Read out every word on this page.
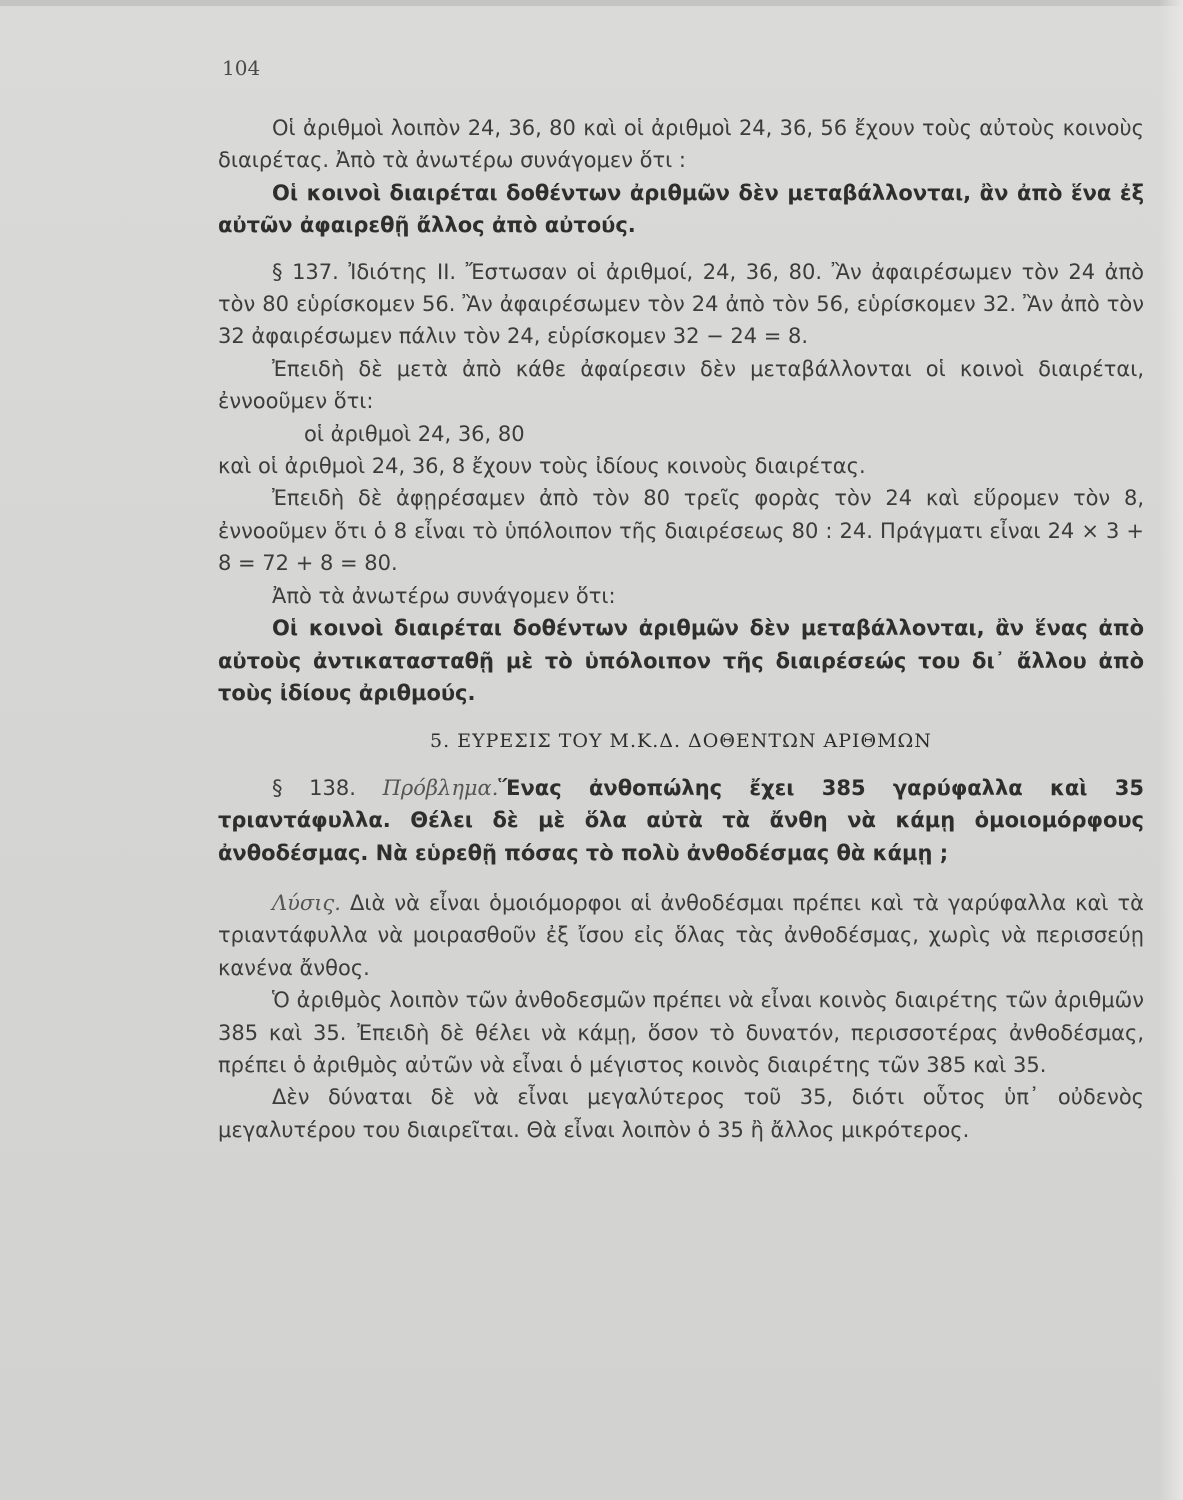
104

Οἱ ἀριθμοὶ λοιπὸν 24, 36, 80 καὶ οἱ ἀριθμοὶ 24, 36, 56 ἔχουν τοὺς αὐτοὺς κοινοὺς διαιρέτας. Ἀπὸ τὰ ἀνωτέρω συνάγομεν ὅτι :

Οἱ κοινοὶ διαιρέται δοθέντων ἀριθμῶν δὲν μεταβάλλονται, ἂν ἀπὸ ἕνα ἐξ αὐτῶν ἀφαιρεθῇ ἄλλος ἀπὸ αὐτούς.

§ 137. Ἰδιότης ΙΙ. Ἔστωσαν οἱ ἀριθμοί, 24, 36, 80. Ἂν ἀφαιρέσωμεν τὸν 24 ἀπὸ τὸν 80 εὑρίσκομεν 56. Ἂν ἀφαιρέσωμεν τὸν 24 ἀπὸ τὸν 56, εὑρίσκομεν 32. Ἂν ἀπὸ τὸν 32 ἀφαιρέσωμεν πάλιν τὸν 24, εὑρίσκομεν 32 − 24 = 8.

Ἐπειδὴ δὲ μετὰ ἀπὸ κάθε ἀφαίρεσιν δὲν μεταβάλλονται οἱ κοινοὶ διαιρέται, ἐννοοῦμεν ὅτι:

οἱ ἀριθμοὶ 24, 36, 80

καὶ οἱ ἀριθμοὶ 24, 36, 8 ἔχουν τοὺς ἰδίους κοινοὺς διαιρέτας.

Ἐπειδὴ δὲ ἀφῃρέσαμεν ἀπὸ τὸν 80 τρεῖς φορὰς τὸν 24 καὶ εὕρομεν τὸν 8, ἐννοοῦμεν ὅτι ὁ 8 εἶναι τὸ ὑπόλοιπον τῆς διαιρέσεως 80 : 24. Πράγματι εἶναι 24 × 3 + 8 = 72 + 8 = 80.

Ἀπὸ τὰ ἀνωτέρω συνάγομεν ὅτι:

Οἱ κοινοὶ διαιρέται δοθέντων ἀριθμῶν δὲν μεταβάλλονται, ἂν ἕνας ἀπὸ αὐτοὺς ἀντικατασταθῇ μὲ τὸ ὑπόλοιπον τῆς διαιρέσεώς του δι᾽ ἄλλου ἀπὸ τοὺς ἰδίους ἀριθμούς.

5. ΕΥΡΕΣΙΣ ΤΟΥ Μ.Κ.Δ. ΔΟΘΕΝΤΩΝ ΑΡΙΘΜΩΝ

§ 138. Πρόβλημα.Ἕνας ἀνθοπώλης ἔχει 385 γαρύφαλλα καὶ 35 τριαντάφυλλα. Θέλει δὲ μὲ ὅλα αὐτὰ τὰ ἄνθη νὰ κάμῃ ὁμοιομόρφους ἀνθοδέσμας. Νὰ εὑρεθῇ πόσας τὸ πολὺ ἀνθοδέσμας θὰ κάμῃ ;

Λύσις. Διὰ νὰ εἶναι ὁμοιόμορφοι αἱ ἀνθοδέσμαι πρέπει καὶ τὰ γαρύφαλλα καὶ τὰ τριαντάφυλλα νὰ μοιρασθοῦν ἐξ ἴσου εἰς ὅλας τὰς ἀνθοδέσμας, χωρὶς νὰ περισσεύῃ κανένα ἄνθος.

Ὁ ἀριθμὸς λοιπὸν τῶν ἀνθοδεσμῶν πρέπει νὰ εἶναι κοινὸς διαιρέτης τῶν ἀριθμῶν 385 καὶ 35. Ἐπειδὴ δὲ θέλει νὰ κάμῃ, ὅσον τὸ δυνατόν, περισσοτέρας ἀνθοδέσμας, πρέπει ὁ ἀριθμὸς αὐτῶν νὰ εἶναι ὁ μέγιστος κοινὸς διαιρέτης τῶν 385 καὶ 35.

Δὲν δύναται δὲ νὰ εἶναι μεγαλύτερος τοῦ 35, διότι οὗτος ὑπ᾽ οὐδενὸς μεγαλυτέρου του διαιρεῖται. Θὰ εἶναι λοιπὸν ὁ 35 ἢ ἄλλος μικρότερος.
